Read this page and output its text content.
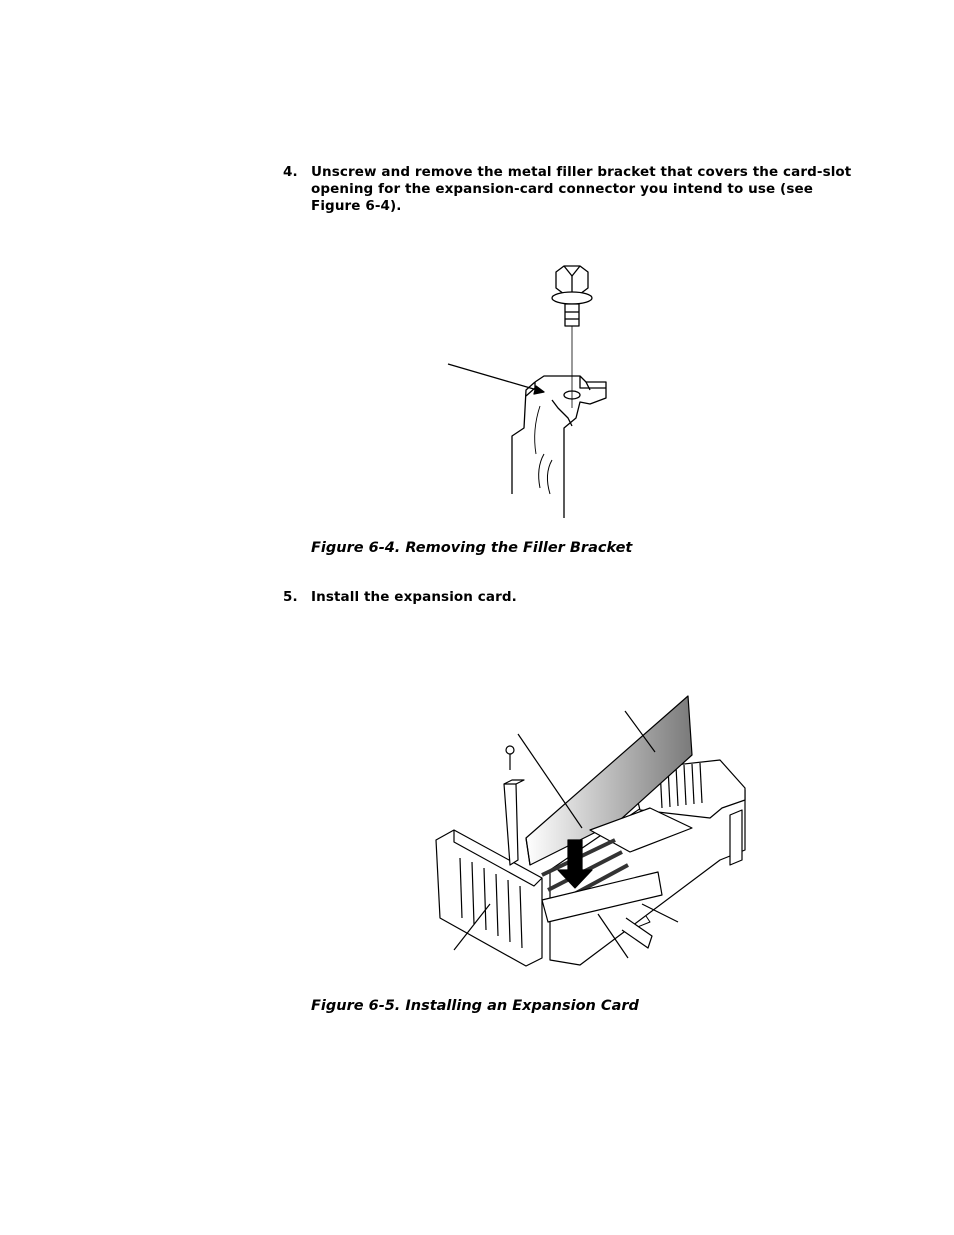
4. Unscrew and remove the metal filler bracket that covers the card-slot
opening for the expansion-card connector you intend to use (see
Figure 6-4).
Figure 6-4. Removing the Filler Bracket
5. Install the expansion card.
Figure 6-5. Installing an Expansion Card
